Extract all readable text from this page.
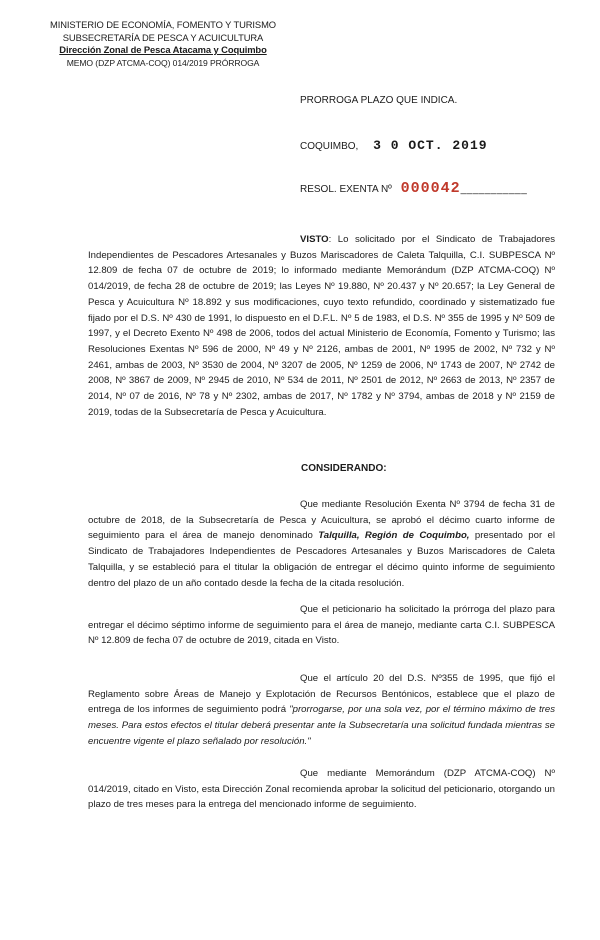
MINISTERIO DE ECONOMÍA, FOMENTO Y TURISMO
SUBSECRETARÍA DE PESCA Y ACUICULTURA
Dirección Zonal de Pesca Atacama y Coquimbo
MEMO (DZP ATCMA-COQ) 014/2019 PRÓRROGA
PRORROGA PLAZO QUE INDICA.
COQUIMBO, 3 0 OCT. 2019
RESOL. EXENTA Nº 000042___________
VISTO: Lo solicitado por el Sindicato de Trabajadores Independientes de Pescadores Artesanales y Buzos Mariscadores de Caleta Talquilla, C.I. SUBPESCA Nº 12.809 de fecha 07 de octubre de 2019; lo informado mediante Memorándum (DZP ATCMA-COQ) Nº 014/2019, de fecha 28 de octubre de 2019; las Leyes Nº 19.880, Nº 20.437 y Nº 20.657; la Ley General de Pesca y Acuicultura Nº 18.892 y sus modificaciones, cuyo texto refundido, coordinado y sistematizado fue fijado por el D.S. Nº 430 de 1991, lo dispuesto en el D.F.L. Nº 5 de 1983, el D.S. Nº 355 de 1995 y Nº 509 de 1997, y el Decreto Exento Nº 498 de 2006, todos del actual Ministerio de Economía, Fomento y Turismo; las Resoluciones Exentas Nº 596 de 2000, Nº 49 y Nº 2126, ambas de 2001, Nº 1995 de 2002, Nº 732 y Nº 2461, ambas de 2003, Nº 3530 de 2004, Nº 3207 de 2005, Nº 1259 de 2006, Nº 1743 de 2007, Nº 2742 de 2008, Nº 3867 de 2009, Nº 2945 de 2010, Nº 534 de 2011, Nº 2501 de 2012, Nº 2663 de 2013, Nº 2357 de 2014, Nº 07 de 2016, Nº 78 y Nº 2302, ambas de 2017, Nº 1782 y Nº 3794, ambas de 2018 y Nº 2159 de 2019, todas de la Subsecretaría de Pesca y Acuicultura.
CONSIDERANDO:
Que mediante Resolución Exenta Nº 3794 de fecha 31 de octubre de 2018, de la Subsecretaría de Pesca y Acuicultura, se aprobó el décimo cuarto informe de seguimiento para el área de manejo denominado Talquilla, Región de Coquimbo, presentado por el Sindicato de Trabajadores Independientes de Pescadores Artesanales y Buzos Mariscadores de Caleta Talquilla, y se estableció para el titular la obligación de entregar el décimo quinto informe de seguimiento dentro del plazo de un año contado desde la fecha de la citada resolución.
Que el peticionario ha solicitado la prórroga del plazo para entregar el décimo séptimo informe de seguimiento para el área de manejo, mediante carta C.I. SUBPESCA Nº 12.809 de fecha 07 de octubre de 2019, citada en Visto.
Que el artículo 20 del D.S. Nº355 de 1995, que fijó el Reglamento sobre Áreas de Manejo y Explotación de Recursos Bentónicos, establece que el plazo de entrega de los informes de seguimiento podrá "prorrogarse, por una sola vez, por el término máximo de tres meses. Para estos efectos el titular deberá presentar ante la Subsecretaría una solicitud fundada mientras se encuentre vigente el plazo señalado por resolución."
Que mediante Memorándum (DZP ATCMA-COQ) Nº 014/2019, citado en Visto, esta Dirección Zonal recomienda aprobar la solicitud del peticionario, otorgando un plazo de tres meses para la entrega del mencionado informe de seguimiento.
